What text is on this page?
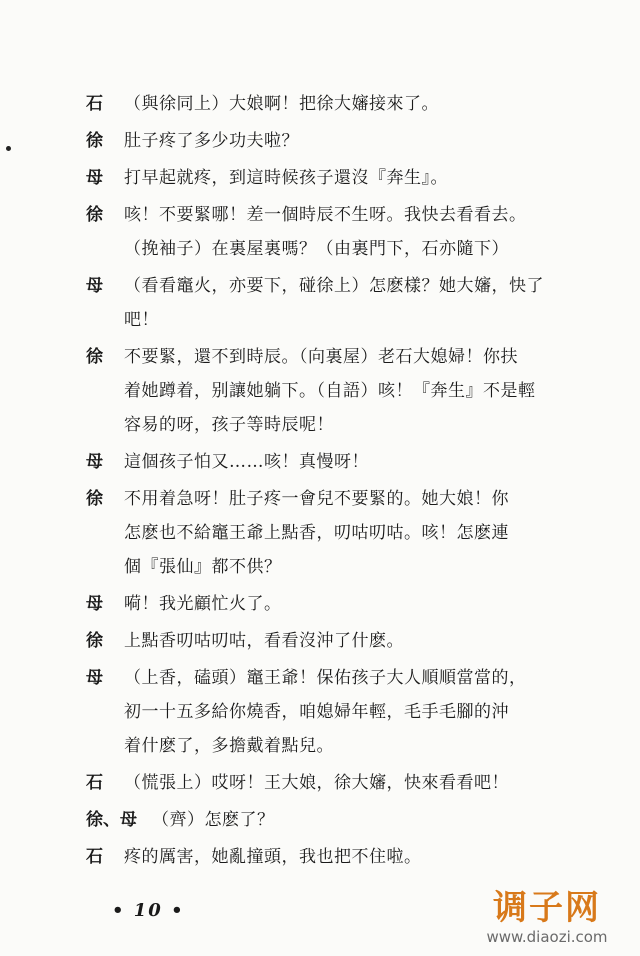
石	（與徐同上）大娘啊！把徐大嬸接來了。
徐	肚子疼了多少功夫啦？
母	打早起就疼，到這時候孩子還沒『奔生』。
徐	咳！不要緊哪！差一個時辰不生呀。我快去看看去。
（挽袖子）在裏屋裏嗎？（由裏門下，石亦隨下）
母	（看看竈火，亦要下，碰徐上）怎麽樣？她大嬸，快了
吧！
徐	不要緊，還不到時辰。（向裏屋）老石大媳婦！你扶
着她蹲着，别讓她躺下。（自語）咳！『奔生』不是輕
容易的呀，孩子等時辰呢！
母	這個孩子怕又……咳！真慢呀！
徐	不用着急呀！肚子疼一會兒不要緊的。她大娘！你
怎麽也不給竈王爺上點香，叨咕叨咕。咳！怎麽連
個『張仙』都不供？
母	嗬！我光顧忙火了。
徐	上點香叨咕叨咕，看看沒沖了什麽。
母	（上香，磕頭）竈王爺！保佑孩子大人順順當當的，
初一十五多給你燒香，咱媳婦年輕，毛手毛腳的沖
着什麽了，多擔戴着點兒。
石	（慌張上）哎呀！王大娘，徐大嬸，快來看看吧！
徐、母 （齊）怎麽了？
石	疼的厲害，她亂撞頭，我也把不住啦。
• 10 •	调子网
www.diaozi.com
